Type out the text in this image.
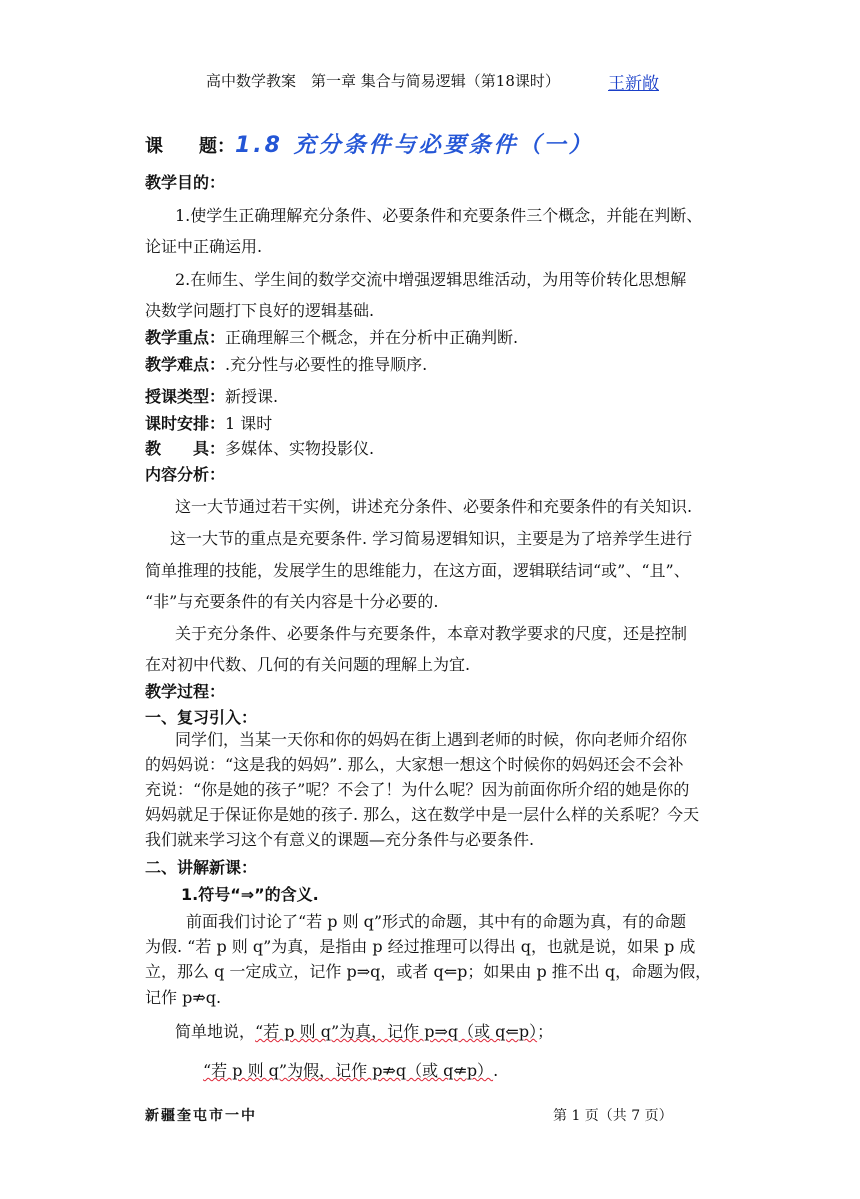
高中数学教案　第一章 集合与简易逻辑（第18课时）	王新敞
课　　题：1.8 充分条件与必要条件（一）
教学目的：
1.使学生正确理解充分条件、必要条件和充要条件三个概念，并能在判断、
论证中正确运用.
2.在师生、学生间的数学交流中增强逻辑思维活动，为用等价转化思想解
决数学问题打下良好的逻辑基础.
教学重点：正确理解三个概念，并在分析中正确判断.
教学难点：.充分性与必要性的推导顺序.
授课类型：新授课.
课时安排：1 课时
教　　具：多媒体、实物投影仪.
内容分析：
这一大节通过若干实例，讲述充分条件、必要条件和充要条件的有关知识.
这一大节的重点是充要条件. 学习简易逻辑知识，主要是为了培养学生进行
简单推理的技能，发展学生的思维能力，在这方面，逻辑联结词“或”、“且”、
“非”与充要条件的有关内容是十分必要的.
关于充分条件、必要条件与充要条件，本章对教学要求的尺度，还是控制
在对初中代数、几何的有关问题的理解上为宜.
教学过程：
一、复习引入：
同学们，当某一天你和你的妈妈在街上遇到老师的时候，你向老师介绍你
的妈妈说：“这是我的妈妈”. 那么，大家想一想这个时候你的妈妈还会不会补
充说：“你是她的孩子”呢？不会了！为什么呢？因为前面你所介绍的她是你的
妈妈就足于保证你是她的孩子. 那么，这在数学中是一层什么样的关系呢？今天
我们就来学习这个有意义的课题—充分条件与必要条件.
二、讲解新课：
1.符号“⇒”的含义.
前面我们讨论了“若 p 则 q”形式的命题，其中有的命题为真，有的命题
为假. “若 p 则 q”为真，是指由 p 经过推理可以得出 q，也就是说，如果 p 成
立，那么 q 一定成立，记作 p⇒q，或者 q⇐p；如果由 p 推不出 q，命题为假，
记作 p⇏q.
简单地说，“若 p 则 q”为真，记作 p⇒q（或 q⇐p）；
“若 p 则 q”为假，记作 p⇏q（或 q⇍p）.
新疆奎屯市一中	第 1 页（共 7 页）
